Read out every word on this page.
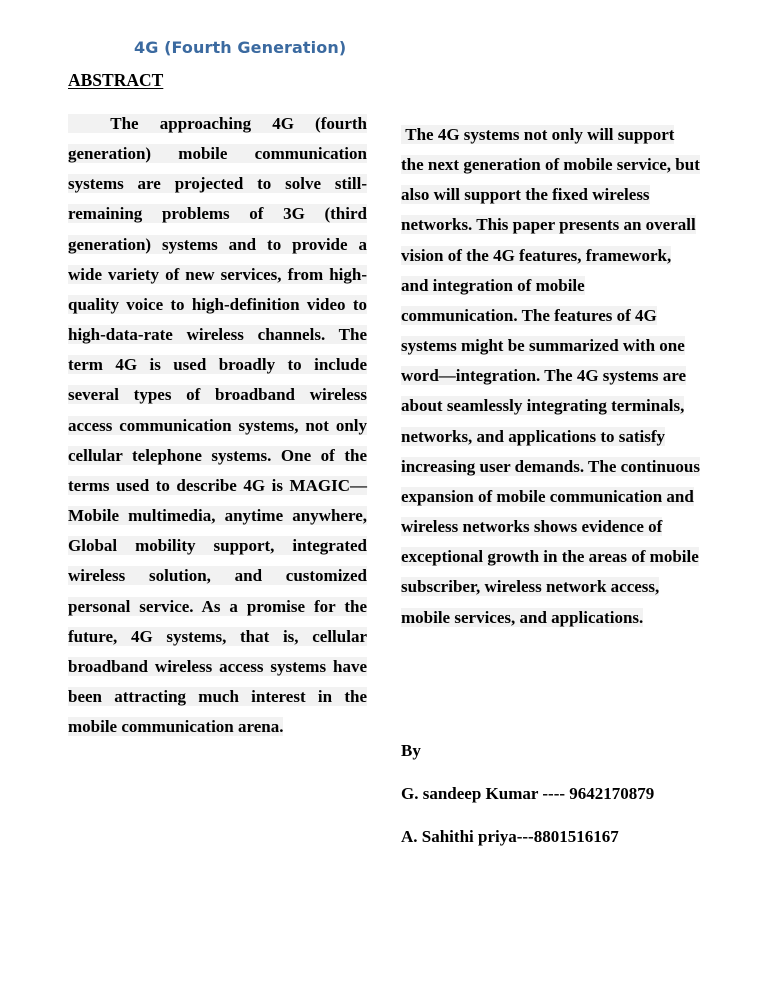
4G (Fourth Generation)
ABSTRACT

The approaching 4G (fourth generation) mobile communication systems are projected to solve still-remaining problems of 3G (third generation) systems and to provide a wide variety of new services, from high-quality voice to high-definition video to high-data-rate wireless channels. The term 4G is used broadly to include several types of broadband wireless access communication systems, not only cellular telephone systems. One of the terms used to describe 4G is MAGIC—Mobile multimedia, anytime anywhere, Global mobility support, integrated wireless solution, and customized personal service. As a promise for the future, 4G systems, that is, cellular broadband wireless access systems have been attracting much interest in the mobile communication arena.

The 4G systems not only will support the next generation of mobile service, but also will support the fixed wireless networks. This paper presents an overall vision of the 4G features, framework, and integration of mobile communication. The features of 4G systems might be summarized with one word—integration. The 4G systems are about seamlessly integrating terminals, networks, and applications to satisfy increasing user demands. The continuous expansion of mobile communication and wireless networks shows evidence of exceptional growth in the areas of mobile subscriber, wireless network access, mobile services, and applications.

By
G. sandeep Kumar ---- 9642170879
A. Sahithi priya---8801516167
